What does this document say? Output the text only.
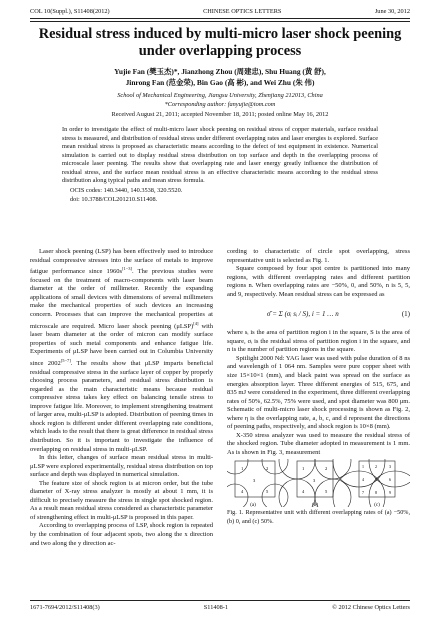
COL 10(Suppl.), S11408(2012)	CHINESE OPTICS LETTERS	June 30, 2012
Residual stress induced by multi-micro laser shock peening under overlapping process
Yujie Fan (樊玉杰)*, Jianzhong Zhou (周建忠), Shu Huang (黄 舒),
Jinrong Fan (范金荣), Bin Gao (高 彬), and Wei Zhu (朱 伟)
School of Mechanical Engineering, Jiangsu University, Zhenjiang 212013, China
*Corresponding author: fanyujie@tom.com
Received August 21, 2011; accepted November 18, 2011; posted online May 16, 2012

In order to investigate the effect of multi-micro laser shock peening on residual stress of copper materials, surface residual stress is measured, and distribution of residual stress under different overlapping rates and laser energies is explored. Surface mean residual stress is proposed as characteristic means according to the defect of test equipment in existence. Numerical simulation is carried out to display residual stress distribution on top surface and depth in the overlapping process of microscale laser peening. The results show that overlapping rate and laser energy greatly influence the distribution of residual stress, and the surface mean residual stress is an effective characteristic means according to the residual stress distribution along typical paths and mean stress formula.

OCIS codes: 140.3440, 140.3538, 320.5520.
doi: 10.3788/COL201210.S11408.

Laser shock peening (LSP) has been effectively used to introduce residual compressive stresses into the surface of metals to improve fatigue performance since 1960s[1−3]. The previous studies were focused on the treatment of macro-components with laser beam diameter at the order of millimeter. Recently the expanding applications of small devices with dimensions of several millimeters make the mechanical properties of such devices an increasing concern. Processes that can improve the mechanical properties at microscale are required. Micro laser shock peening (μLSP)[4] with laser beam diameter at the order of micron can modify surface properties of such metal components and enhance fatigue life. Experiments of μLSP have been carried out in Columbia University since 2002[5−7]. The results show that μLSP imparts beneficial residual compressive stress in the surface layer of copper by properly choosing process parameters, and residual stress distribution is regarded as the main characteristic means because residual compressive stress takes key effect on balancing tensile stress to improve fatigue life. Moreover, to implement strengthening treatment of larger area, multi-μLSP is adopted. Distribution of peening times in shock region is different under different overlapping rate conditions, which leads to the result that there is great difference in residual stress distribution. So it is important to investigate the influence of overlapping on residual stress in multi-μLSP.

In this letter, changes of surface mean residual stress in multi-μLSP were explored experimentally, residual stress distribution on top surface and depth was displayed in numerical simulation.

The feature size of shock region is at micron order, but the tube diameter of X-ray stress analyzer is mostly at about 1 mm, it is difficult to precisely measure the stress in single spot shocked region. As a result mean residual stress considered as characteristic parameter of strengthening effect in multi-μLSP is proposed in this paper.

According to overlapping process of LSP, shock region is repeated by the combination of four adjacent spots, two along the x direction and two along the y direction ac-

cording to characteristic of circle spot overlapping, stress representative unit is selected as Fig. 1.

Square composed by four spot centre is partitioned into many regions, with different overlapping rates and different partition regions n. When overlapping rates are −50%, 0, and 50%, n is 5, 5, and 9, respectively. Mean residual stress can be expressed as

σ̄ = Σ (σᵢ sᵢ / S), i = 1 … n	(1)

where sᵢ is the area of partition region i in the square, S is the area of square, σᵢ is the residual stress of partition region i in the square, and n is the number of partition regions in the square.

Spitlight 2000 Nd: YAG laser was used with pulse duration of 8 ns and wavelength of 1 064 nm. Samples were pure copper sheet with size 15×10×1 (mm), and black paint was spread on the surface as energies absorption layer. Three different energies of 515, 675, and 835 mJ were considered in the experiment, three different overlapping rates of 50%, 62.5%, 75% were used, and spot diameter was 800 μm. Schematic of multi-micro laser shock processing is shown as Fig. 2, where η is the overlapping rate, a, b, c, and d represent the directions of peening paths, respectively, and shock region is 10×8 (mm).

X-350 stress analyzer was used to measure the residual stress of the shocked region. Tube diameter adopted in measurement is 1 mm. As is shown in Fig. 3, measurement

1	2
3
4	5
(a)
1	2
3
4	5
(b)
1	2	3
4	5	6
7	8	9
(c)
Fig. 1. Representative unit with different overlapping rates of (a) −50%, (b) 0, and (c) 50%.
1671-7694/2012/S11408(3)	S11408-1	© 2012 Chinese Optics Letters
